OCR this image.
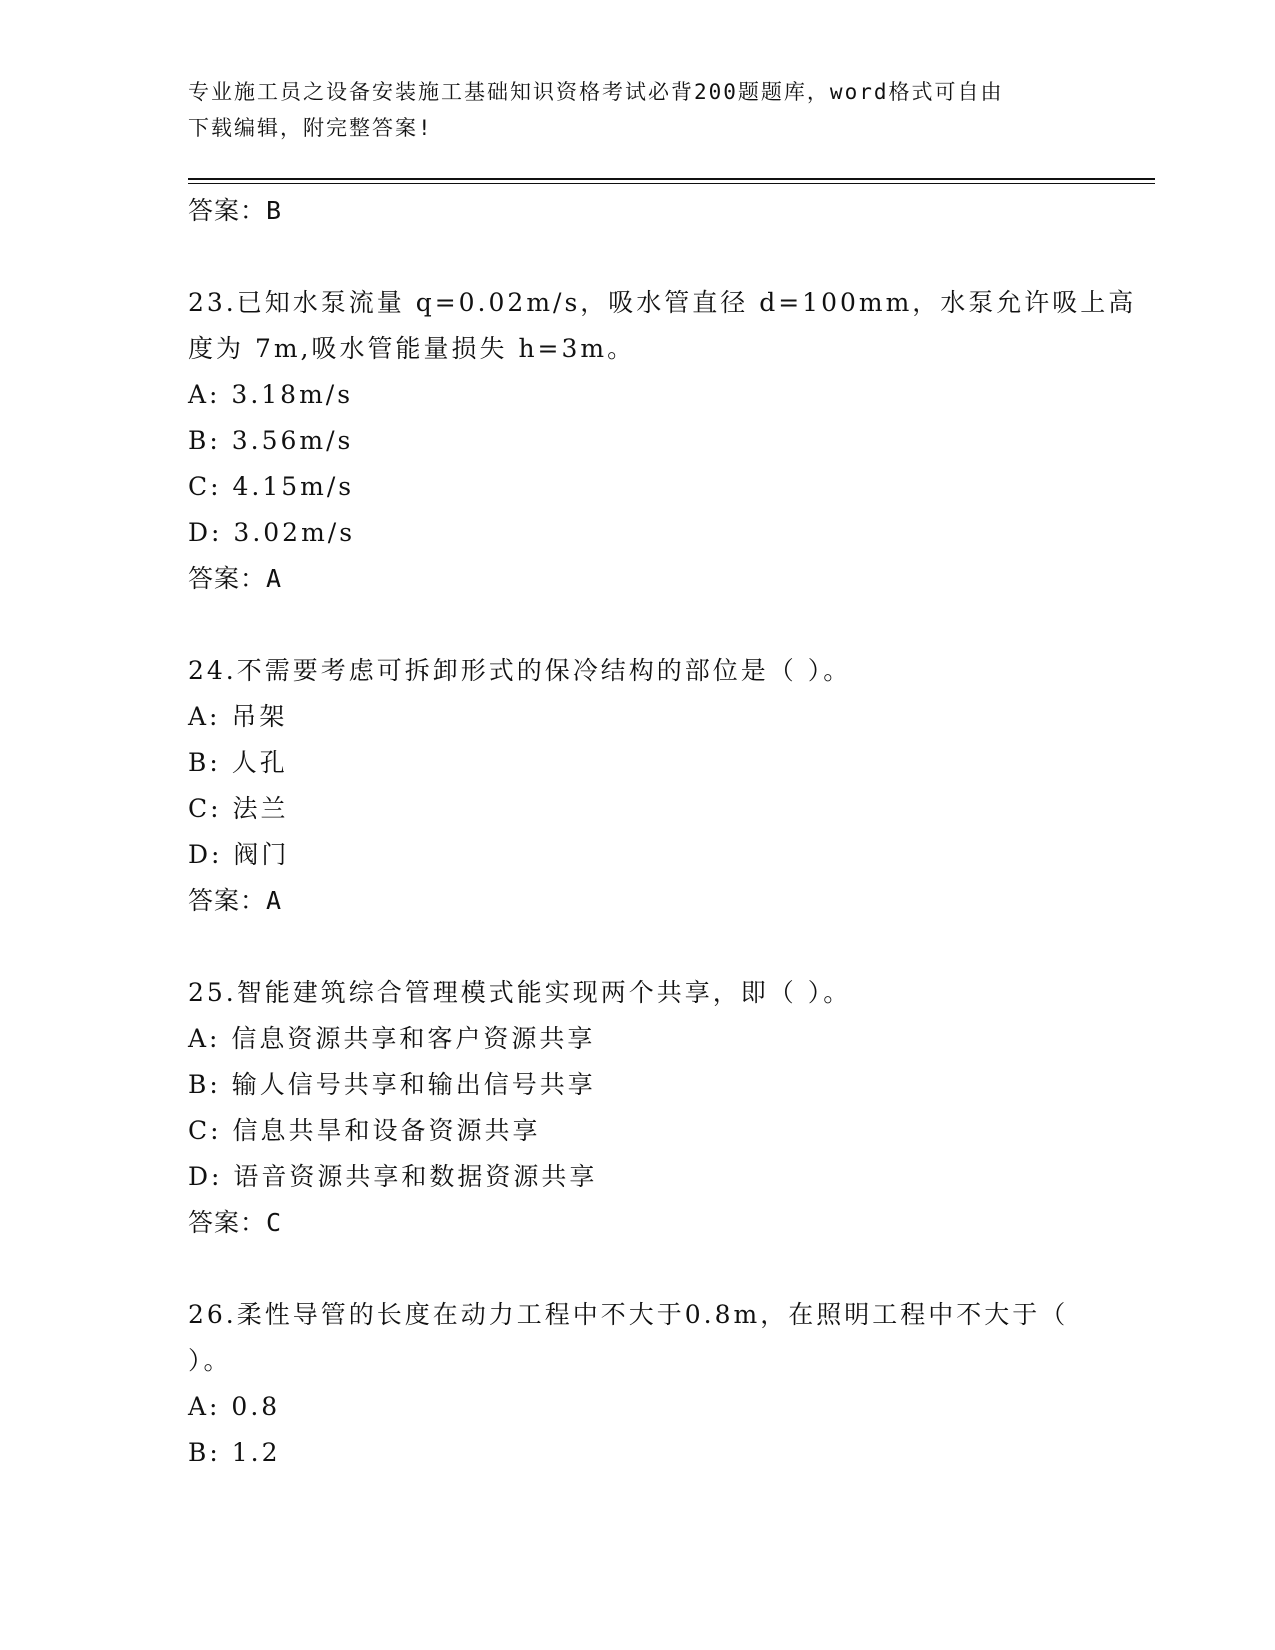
专业施工员之设备安装施工基础知识资格考试必背200题题库，word格式可自由
下载编辑，附完整答案!
答案：B
23.已知水泵流量 q=0.02m/s，吸水管直径 d=100mm，水泵允许吸上高
度为 7m,吸水管能量损失 h=3m。
A: 3.18m/s
B: 3.56m/s
C: 4.15m/s
D: 3.02m/s
答案：A
24.不需要考虑可拆卸形式的保冷结构的部位是（ ）。
A: 吊架
B: 人孔
C: 法兰
D: 阀门
答案：A
25.智能建筑综合管理模式能实现两个共享，即（ ）。
A: 信息资源共享和客户资源共享
B: 输人信号共享和输出信号共享
C: 信息共旱和设备资源共享
D: 语音资源共享和数据资源共享
答案：C
26.柔性导管的长度在动力工程中不大于0.8m，在照明工程中不大于（
）。
A: 0.8
B: 1.2
